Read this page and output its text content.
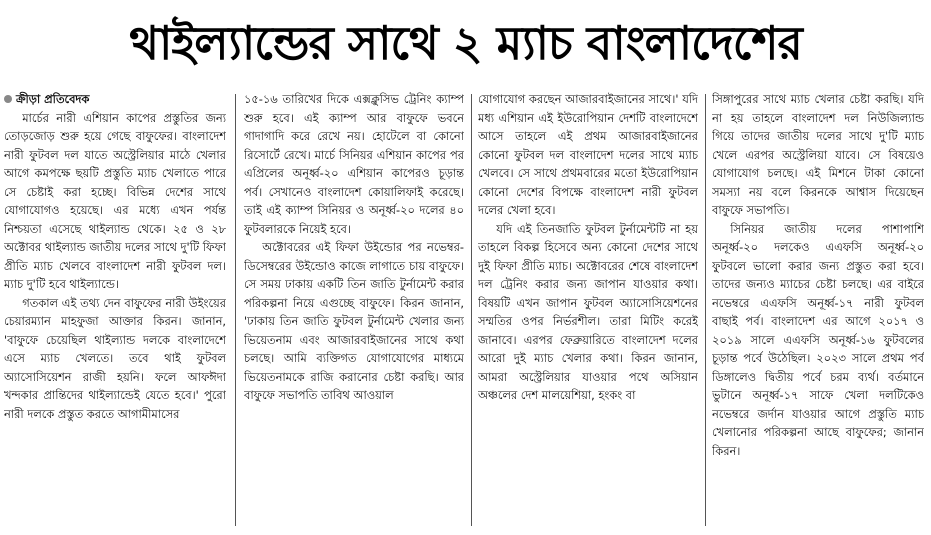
থাইল্যান্ডের সাথে ২ ম্যাচ বাংলাদেশের
ক্রীড়া প্রতিবেদক

মার্চের নারী এশিয়ান কাপের প্রস্তুতির জন্য তোড়জোড় শুরু হয়ে গেছে বাফুফের। বাংলাদেশ নারী ফুটবল দল যাতে অস্ট্রেলিয়ার মাঠে খেলার আগে কমপক্ষে ছয়টি প্রস্তুতি ম্যাচ খেলাতে পারে সে চেষ্টাই করা হচ্ছে। বিভিন্ন দেশের সাথে যোগাযোগও হয়েছে। এর মধ্যে এখন পর্যন্ত নিশ্চয়তা এসেছে থাইল্যান্ড থেকে। ২৫ ও ২৮ অক্টোবর থাইল্যান্ড জাতীয় দলের সাথে দু'টি ফিফা প্রীতি ম্যাচ খেলবে বাংলাদেশ নারী ফুটবল দল। ম্যাচ দু'টি হবে থাইল্যান্ডে।

গতকাল এই তথ্য দেন বাফুফের নারী উইংয়ের চেয়ারম্যান মাহফুজা আক্তার কিরন। জানান, 'বাফুফে চেয়েছিল থাইল্যান্ড দলকে বাংলাদেশে এসে ম্যাচ খেলতে। তবে থাই ফুটবল অ্যাসোসিয়েশন রাজী হয়নি। ফলে আফঈদা খন্দকার প্রান্তিদের থাইল্যান্ডেই যেতে হবে।' পুরো নারী দলকে প্রস্তুত করতে আগামীমাসের

১৫-১৬ তারিখের দিকে এক্সক্লুসিভ ট্রেনিং ক্যাম্প শুরু হবে। এই ক্যাম্প আর বাফুফে ভবনে গাদাগাদি করে রেখে নয়। হোটেলে বা কোনো রিসোর্টে রেখে। মার্চে সিনিয়র এশিয়ান কাপের পর এপ্রিলের অনূর্ধ্ব-২০ এশিয়ান কাপেরও চূড়ান্ত পর্ব। সেখানেও বাংলাদেশ কোয়ালিফাই করেছে। তাই এই ক্যাম্প সিনিয়র ও অনূর্ধ্ব-২০ দলের ৪০ ফুটবলারকে নিয়েই হবে।

অক্টোবরের এই ফিফা উইন্ডোর পর নভেম্বর-ডিসেম্বরের উইন্ডোও কাজে লাগাতে চায় বাফুফে। সে সময় ঢাকায় একটি তিন জাতি টুর্নামেন্ট করার পরিকল্পনা নিয়ে এগুচ্ছে বাফুফে। কিরন জানান, 'ঢাকায় তিন জাতি ফুটবল টুর্নামেন্ট খেলার জন্য ভিয়েতনাম এবং আজারবাইজানের সাথে কথা চলছে। আমি ব্যক্তিগত যোগাযোগের মাধ্যমে ভিয়েতনামকে রাজি করানোর চেষ্টা করছি। আর বাফুফে সভাপতি তাবিথ আওয়াল

যোগাযোগ করছেন আজারবাইজানের সাথে।' যদি মধ্য এশিয়ান এই ইউরোপিয়ান দেশটি বাংলাদেশে আসে তাহলে এই প্রথম আজারবাইজানের কোনো ফুটবল দল বাংলাদেশ দলের সাথে ম্যাচ খেলবে। সে সাথে প্রথমবারের মতো ইউরোপিয়ান কোনো দেশের বিপক্ষে বাংলাদেশ নারী ফুটবল দলের খেলা হবে।

যদি এই তিনজাতি ফুটবল টুর্নামেন্টটি না হয় তাহলে বিকল্প হিসেবে অন্য কোনো দেশের সাথে দুই ফিফা প্রীতি ম্যাচ। অক্টোবরের শেষে বাংলাদেশ দল ট্রেনিং করার জন্য জাপান যাওয়ার কথা। বিষয়টি এখন জাপান ফুটবল অ্যাসোসিয়েশনের সম্মতির ওপর নির্ভরশীল। তারা মিটিং করেই জানাবে। এরপর ফেব্রুয়ারিতে বাংলাদেশ দলের আরো দুই ম্যাচ খেলার কথা। কিরন জানান, আমরা অস্ট্রেলিয়ার যাওয়ার পথে অসিয়ান অঞ্চলের দেশ মালয়েশিয়া, হংকং বা

সিঙ্গাপুরের সাথে ম্যাচ খেলার চেষ্টা করছি। যদি না হয় তাহলে বাংলাদেশ দল নিউজিল্যান্ড গিয়ে তাদের জাতীয় দলের সাথে দু'টি ম্যাচ খেলে এরপর অস্ট্রেলিয়া যাবে। সে বিষয়েও যোগাযোগ চলছে। এই মিশনে টাকা কোনো সমস্যা নয় বলে কিরনকে আশ্বাস দিয়েছেন বাফুফে সভাপতি।

সিনিয়র জাতীয় দলের পাশাপাশি অনূর্ধ্ব-২০ দলকেও এএফসি অনূর্ধ্ব-২০ ফুটবলে ভালো করার জন্য প্রস্তুত করা হবে। তাদের জন্যও ম্যাচের চেষ্টা চলছে। এর বাইরে নভেম্বরে এএফসি অনূর্ধ্ব-১৭ নারী ফুটবল বাছাই পর্ব। বাংলাদেশ এর আগে ২০১৭ ও ২০১৯ সালে এএফসি অনূর্ধ্ব-১৬ ফুটবলের চূড়ান্ত পর্বে উঠেছিল। ২০২৩ সালে প্রথম পর্ব ডিঙ্গালেও দ্বিতীয় পর্বে চরম ব্যর্থ। বর্তমানে ভুটানে অনূর্ধ্ব-১৭ সাফে খেলা দলটিকেও নভেম্বরে জর্দান যাওয়ার আগে প্রস্তুতি ম্যাচ খেলানোর পরিকল্পনা আছে বাফুফের; জানান কিরন।
